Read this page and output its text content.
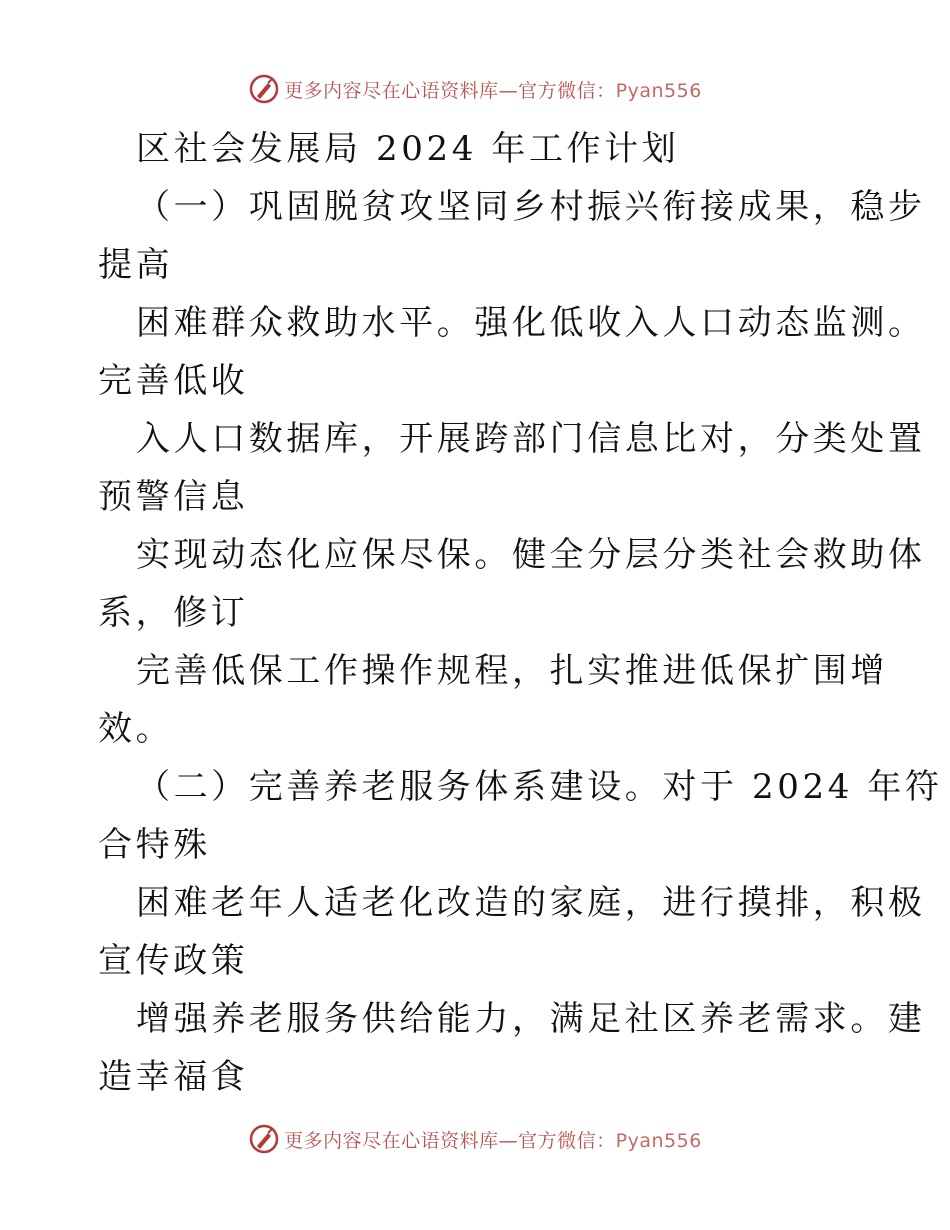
更多内容尽在心语资料库—官方微信：Pyan556
区社会发展局 2024 年工作计划
（一）巩固脱贫攻坚同乡村振兴衔接成果，稳步
提高
困难群众救助水平。强化低收入人口动态监测。
完善低收
入人口数据库，开展跨部门信息比对，分类处置
预警信息
实现动态化应保尽保。健全分层分类社会救助体
系，修订
完善低保工作操作规程，扎实推进低保扩围增
效。
（二）完善养老服务体系建设。对于 2024 年符
合特殊
困难老年人适老化改造的家庭，进行摸排，积极
宣传政策
增强养老服务供给能力，满足社区养老需求。建
造幸福食
更多内容尽在心语资料库—官方微信：Pyan556
